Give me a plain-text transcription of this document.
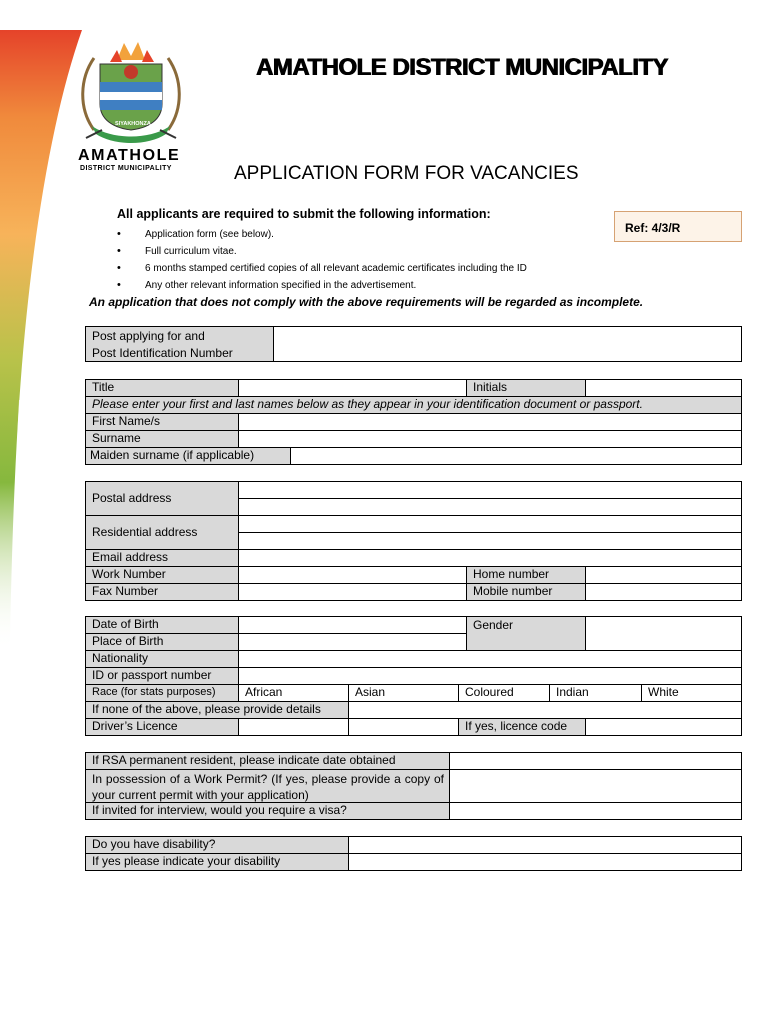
SIYAKHONZA
AMATHOLE
DISTRICT MUNICIPALITY
AMATHOLE DISTRICT MUNICIPALITY
APPLICATION FORM FOR VACANCIES
All applicants are required to submit the following information:
• Application form (see below).
• Full curriculum vitae.
• 6 months stamped certified copies of all relevant academic certificates including the ID
• Any other relevant information specified in the advertisement.
Ref: 4/3/R
An application that does not comply with the above requirements will be regarded as incomplete.
Post applying for and
Post Identification Number
Title	Initials
Please enter your first and last names below as they appear in your identification document or passport.
First Name/s
Surname
Maiden surname (if applicable)
Postal address
Residential address
Email address
Work Number	Home number
Fax Number	Mobile number
Date of Birth	Gender
Place of Birth
Nationality
ID or passport number
Race (for stats purposes)	African	Asian	Coloured	Indian	White
If none of the above, please provide details
Driver’s Licence	If yes, licence code
If RSA permanent resident, please indicate date obtained
In possession of a Work Permit? (If yes, please provide a copy of your current permit with your application)
If invited for interview, would you require a visa?
Do you have disability?
If yes please indicate your disability
